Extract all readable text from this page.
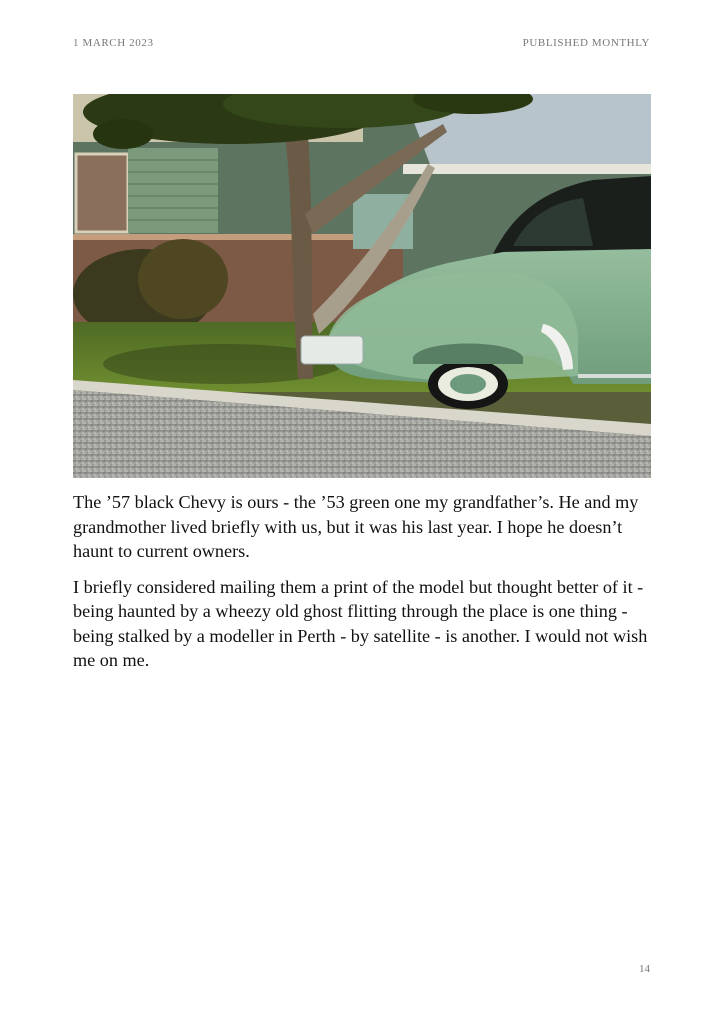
1 MARCH 2023	PUBLISHED MONTHLY

The ’57 black Chevy is ours - the ’53 green one my grandfather’s. He and my grandmother lived briefly with us, but it was his last year. I hope he doesn’t haunt to current owners.

I briefly considered mailing them a print of the model but thought better of it - being haunted by a wheezy old ghost flitting through the place is one thing - being stalked by a modeller in Perth - by satellite - is another. I would not wish me on me.

14
